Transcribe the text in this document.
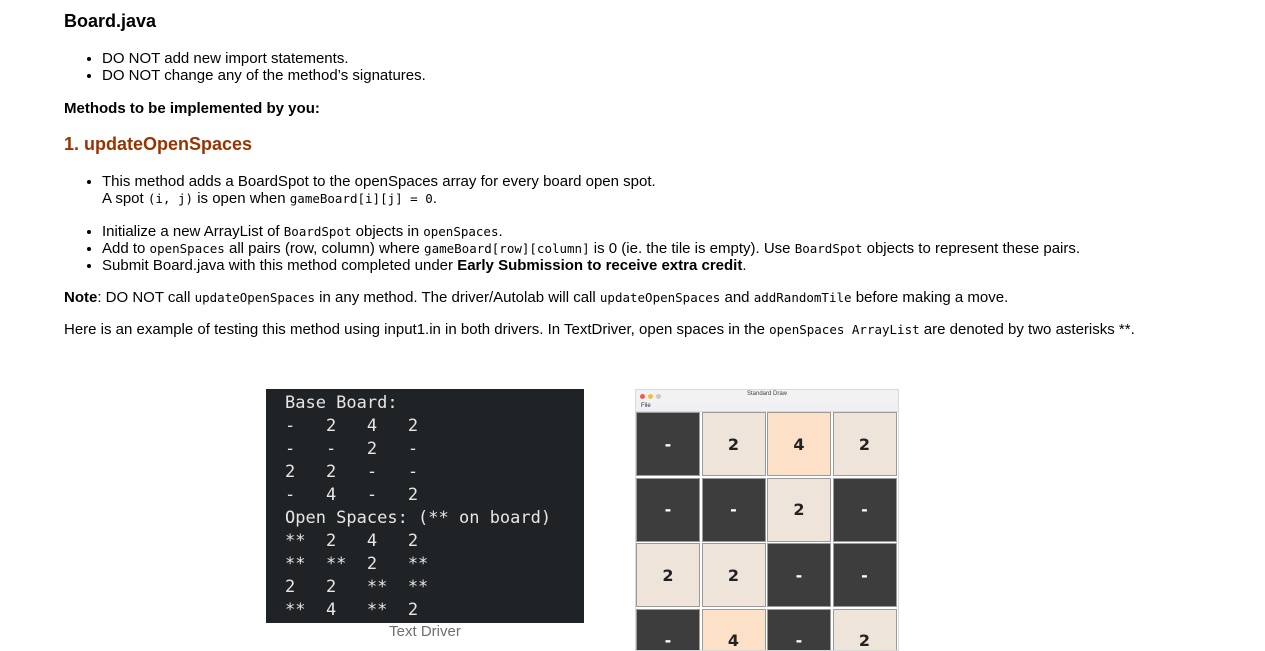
Board.java
• DO NOT add new import statements.
• DO NOT change any of the method’s signatures.

Methods to be implemented by you:

1. updateOpenSpaces
• This method adds a BoardSpot to the openSpaces array for every board open spot.
A spot (i, j) is open when gameBoard[i][j] = 0.
• Initialize a new ArrayList of BoardSpot objects in openSpaces.
• Add to openSpaces all pairs (row, column) where gameBoard[row][column] is 0 (ie. the tile is empty). Use BoardSpot objects to represent these pairs.
• Submit Board.java with this method completed under Early Submission to receive extra credit.

Note: DO NOT call updateOpenSpaces in any method. The driver/Autolab will call updateOpenSpaces and addRandomTile before making a move.

Here is an example of testing this method using input1.in in both drivers. In TextDriver, open spaces in the openSpaces ArrayList are denoted by two asterisks **.

Base Board:
-   2   4   2
-   -   2   -
2   2   -   -
-   4   -   2
Open Spaces: (** on board)
**  2   4   2
**  **  2   **
2   2   **  **
**  4   **  2
Text Driver
Standard Draw
File
-	2	4	2
-	-	2	-
2	2	-	-
-	4	-	2
